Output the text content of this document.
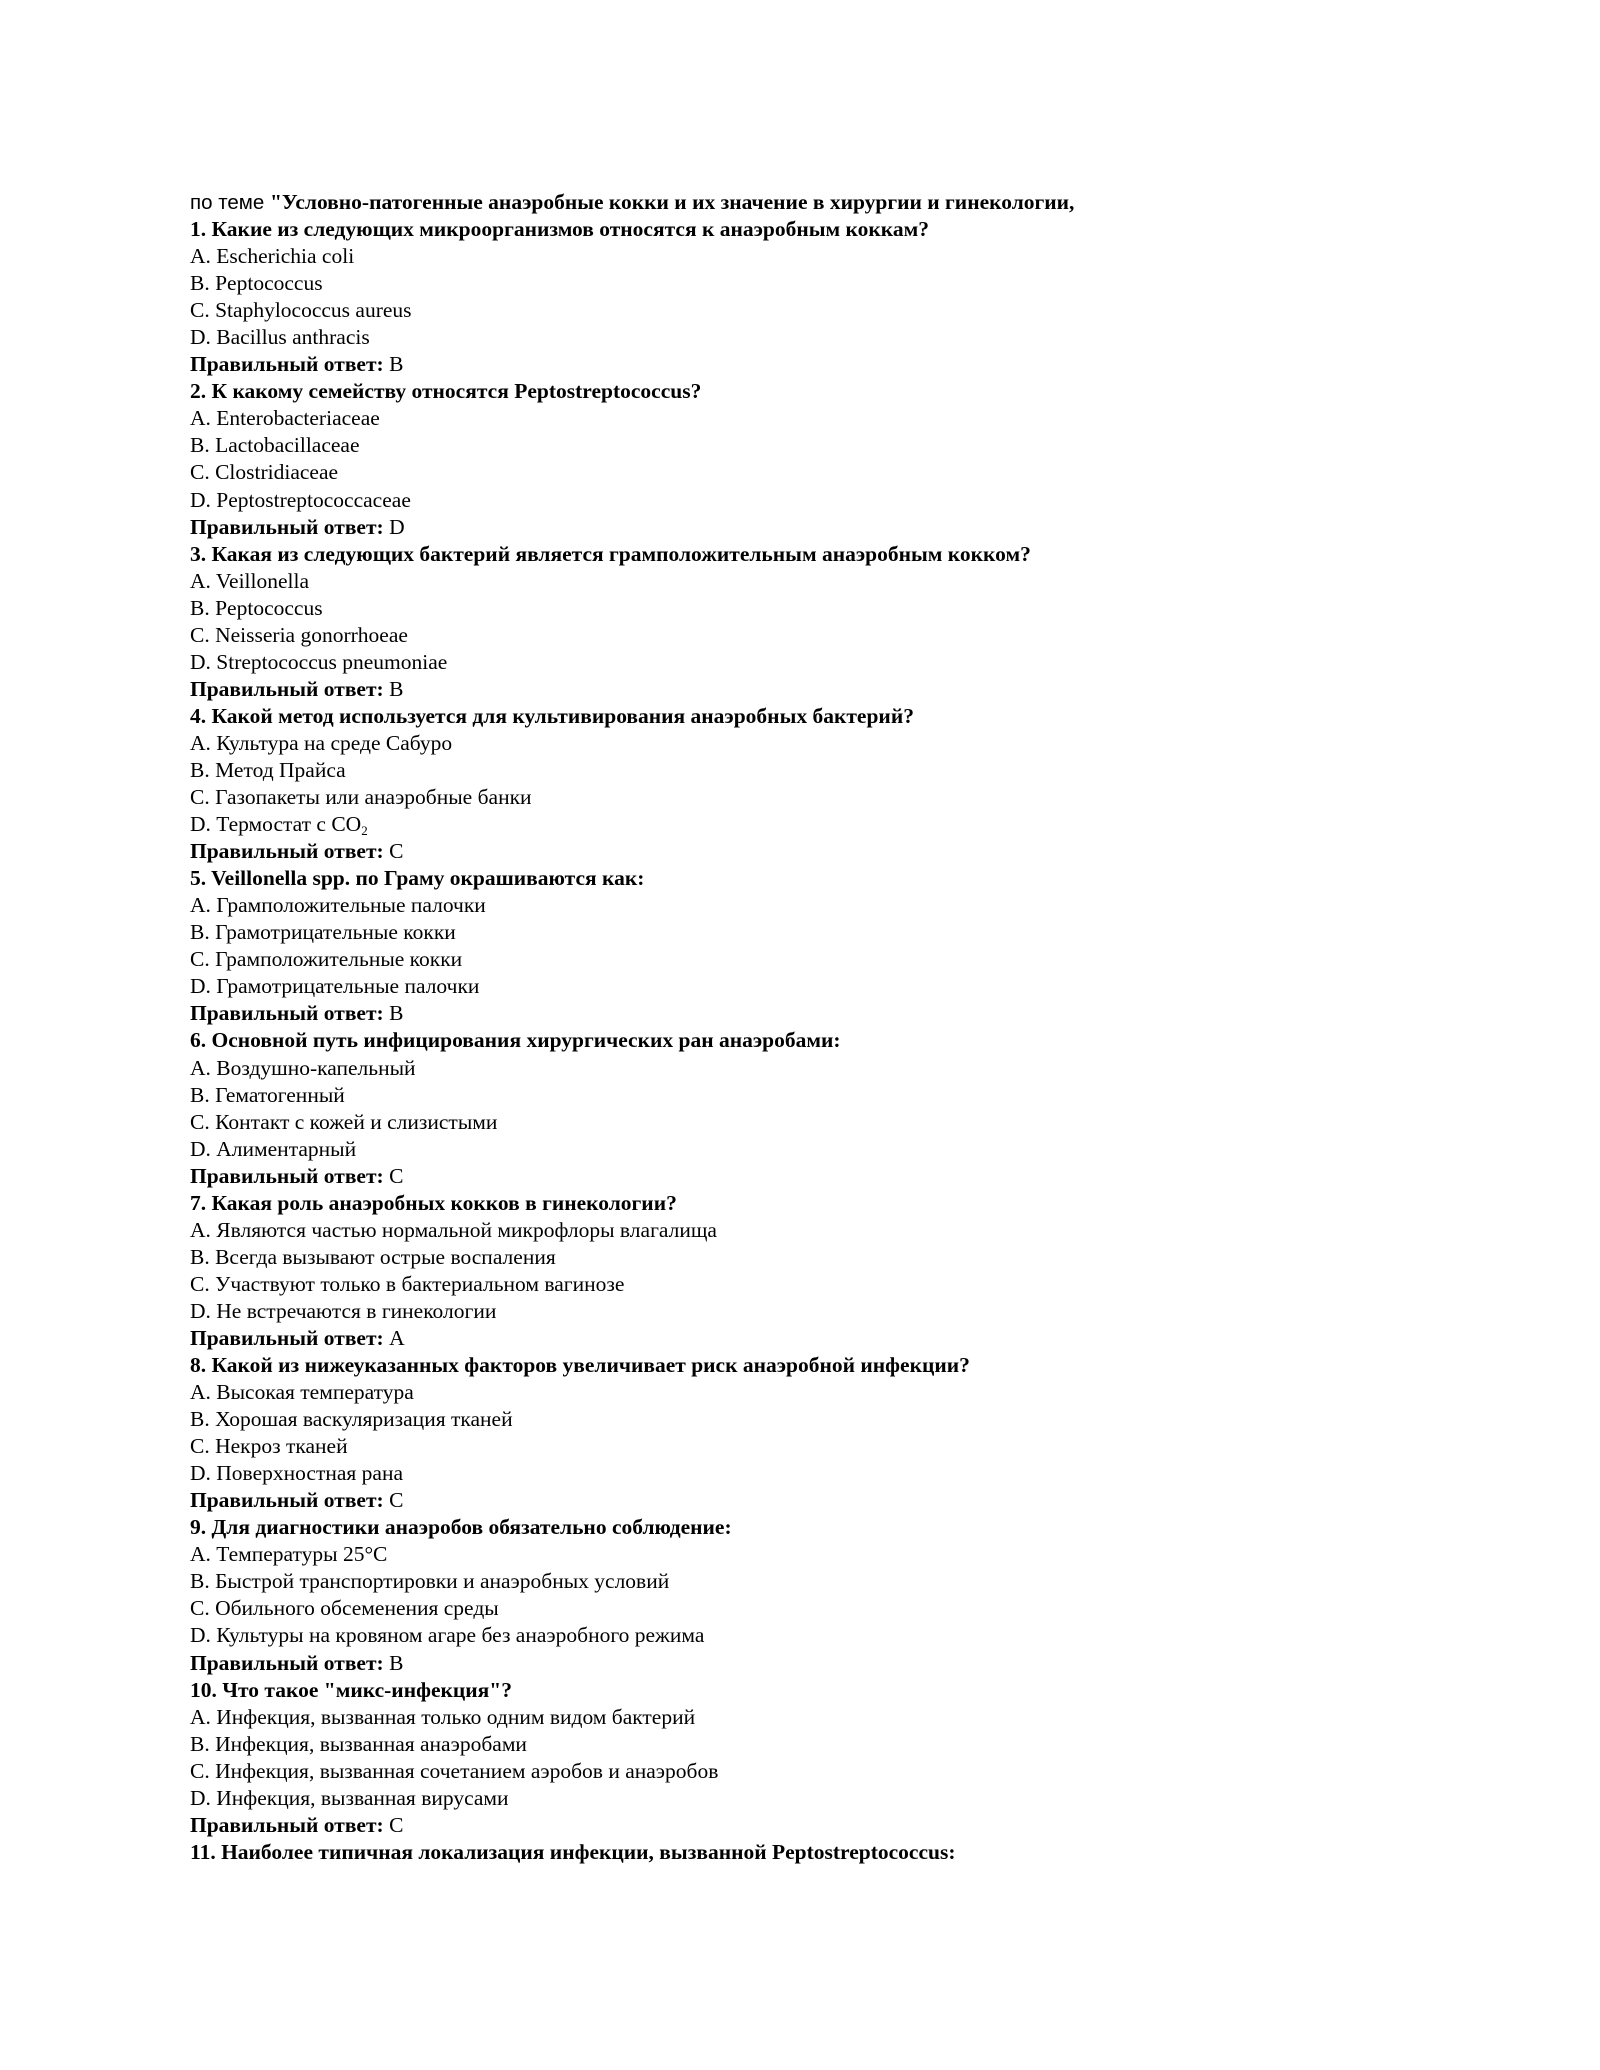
по теме "Условно-патогенные анаэробные кокки и их значение в хирургии и гинекологии,
1. Какие из следующих микроорганизмов относятся к анаэробным коккам?
A. Escherichia coli
B. Peptococcus
C. Staphylococcus aureus
D. Bacillus anthracis
Правильный ответ: B
2. К какому семейству относятся Peptostreptococcus?
A. Enterobacteriaceae
B. Lactobacillaceae
C. Clostridiaceae
D. Peptostreptococcaceae
Правильный ответ: D
3. Какая из следующих бактерий является грамположительным анаэробным кокком?
A. Veillonella
B. Peptococcus
C. Neisseria gonorrhoeae
D. Streptococcus pneumoniae
Правильный ответ: B
4. Какой метод используется для культивирования анаэробных бактерий?
A. Культура на среде Сабуро
B. Метод Прайса
C. Газопакеты или анаэробные банки
D. Термостат с $CO_2$
Правильный ответ: C
5. Veillonella spp. по Граму окрашиваются как:
A. Грамположительные палочки
B. Грамотрицательные кокки
C. Грамположительные кокки
D. Грамотрицательные палочки
Правильный ответ: B
6. Основной путь инфицирования хирургических ран анаэробами:
A. Воздушно-капельный
B. Гематогенный
C. Контакт с кожей и слизистыми
D. Алиментарный
Правильный ответ: C
7. Какая роль анаэробных кокков в гинекологии?
A. Являются частью нормальной микрофлоры влагалища
B. Всегда вызывают острые воспаления
C. Участвуют только в бактериальном вагинозе
D. Не встречаются в гинекологии
Правильный ответ: A
8. Какой из нижеуказанных факторов увеличивает риск анаэробной инфекции?
A. Высокая температура
B. Хорошая васкуляризация тканей
C. Некроз тканей
D. Поверхностная рана
Правильный ответ: C
9. Для диагностики анаэробов обязательно соблюдение:
A. Температуры 25°C
B. Быстрой транспортировки и анаэробных условий
C. Обильного обсеменения среды
D. Культуры на кровяном агаре без анаэробного режима
Правильный ответ: B
10. Что такое "микс-инфекция"?
A. Инфекция, вызванная только одним видом бактерий
B. Инфекция, вызванная анаэробами
C. Инфекция, вызванная сочетанием аэробов и анаэробов
D. Инфекция, вызванная вирусами
Правильный ответ: C
11. Наиболее типичная локализация инфекции, вызванной Peptostreptococcus:
